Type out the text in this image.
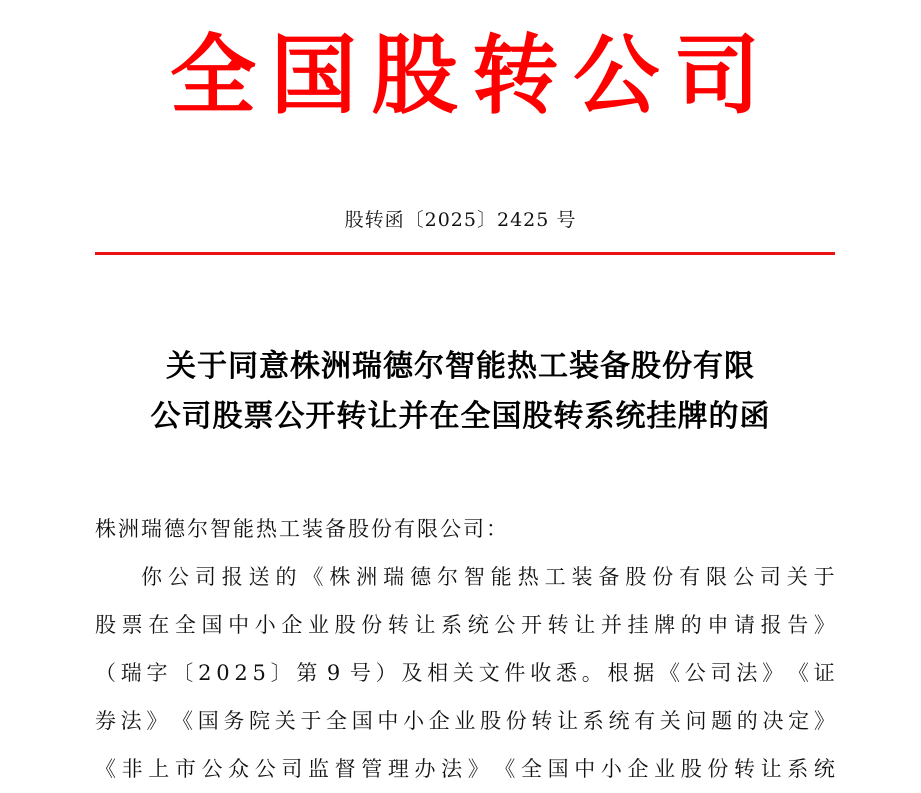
全 国 股 转 公 司
股转函〔2025〕2425 号
关于同意株洲瑞德尔智能热工装备股份有限
公司股票公开转让并在全国股转系统挂牌的函
株洲瑞德尔智能热工装备股份有限公司：
你 公 司 报 送 的 《 株 洲 瑞 德 尔 智 能 热 工 装 备 股 份 有 限 公 司 关 于
股 票 在 全 国 中 小 企 业 股 份 转 让 系 统 公 开 转 让 并 挂 牌 的 申 请 报 告 》
（ 瑞 字 〔 2 0 2 5 〕 第 9 号 ） 及 相 关 文 件 收 悉 。 根 据 《 公 司 法 》 《 证
券 法 》 《 国 务 院 关 于 全 国 中 小 企 业 股 份 转 让 系 统 有 关 问 题 的 决 定 》
《 非 上 市 公 众 公 司 监 督 管 理 办 法 》 《 全 国 中 小 企 业 股 份 转 让 系 统
